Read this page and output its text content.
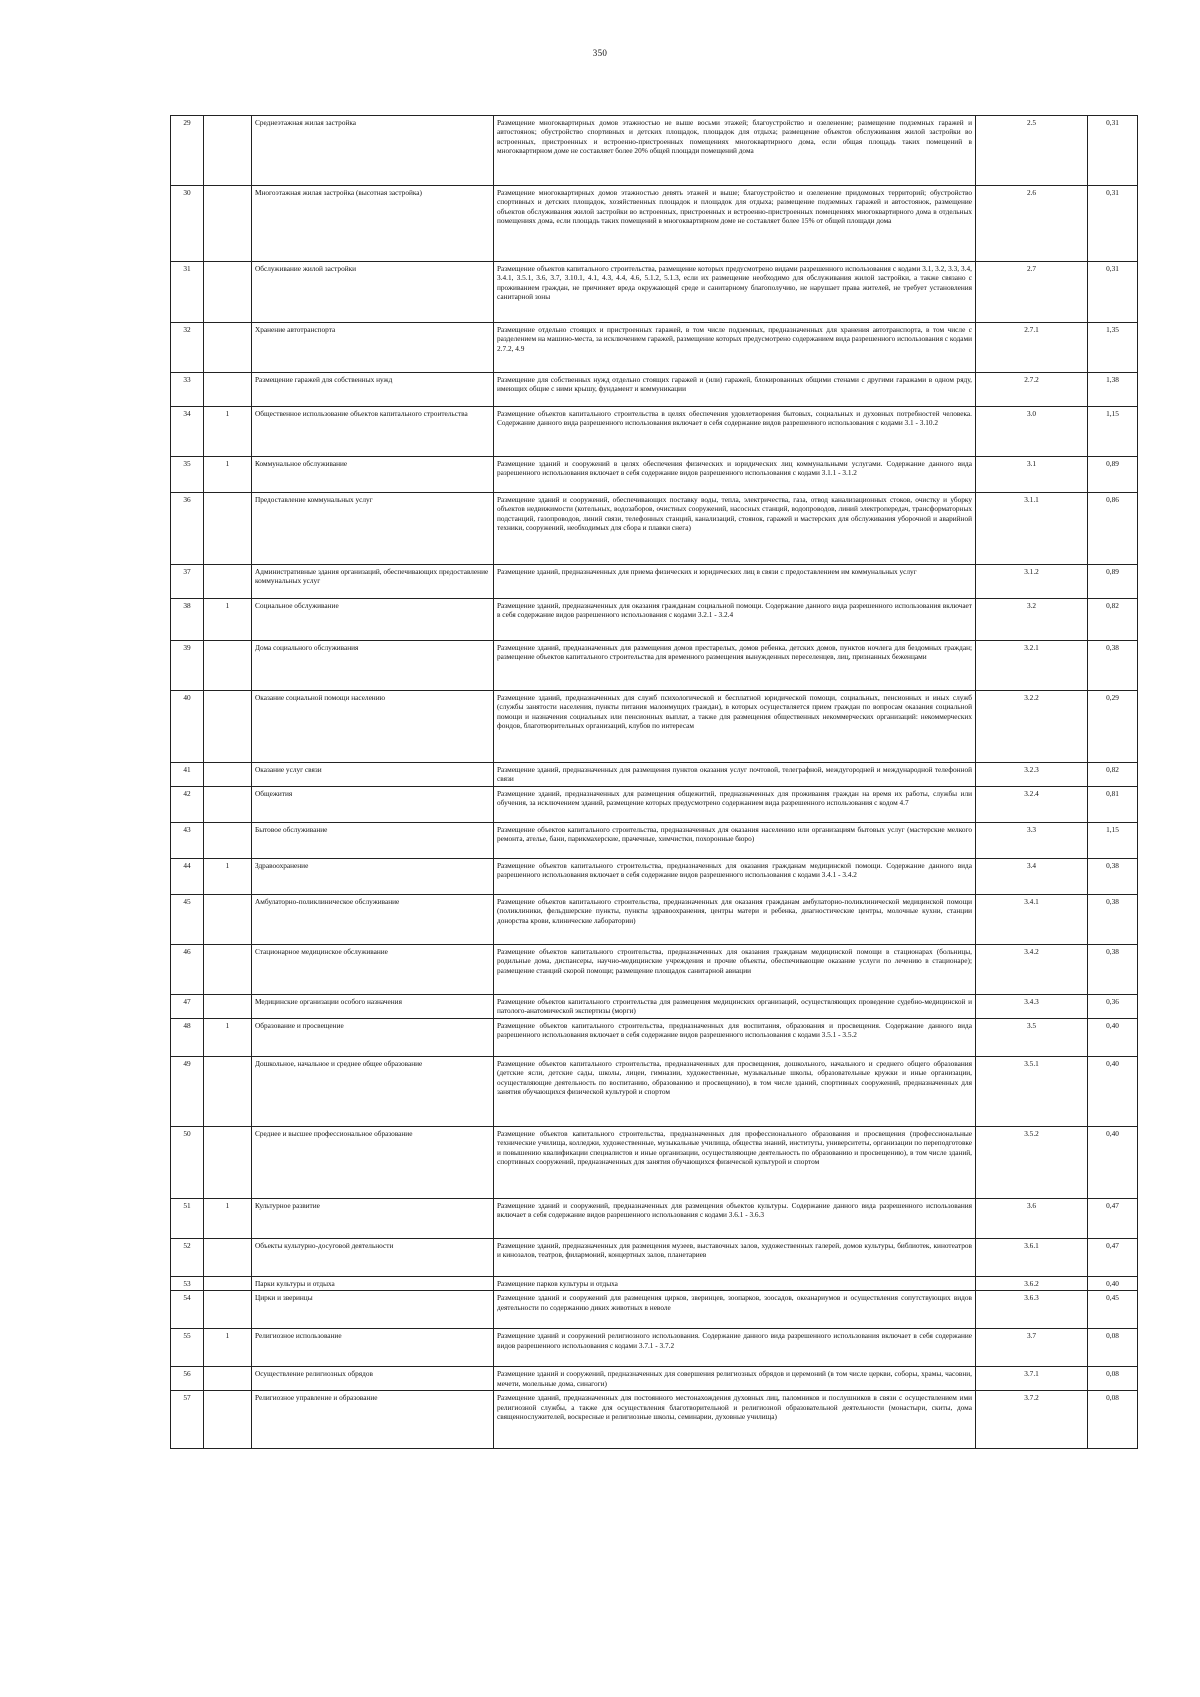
350
29		Среднеэтажная жилая застройка	Размещение многоквартирных домов этажностью не выше восьми этажей; благоустройство и озеленение; размещение подземных гаражей и автостоянок; обустройство спортивных и детских площадок, площадок для отдыха; размещение объектов обслуживания жилой застройки во встроенных, пристроенных и встроенно-пристроенных помещениях многоквартирного дома, если общая площадь таких помещений в многоквартирном доме не составляет более 20% общей площади помещений дома	2.5	0,31
30		Многоэтажная жилая застройка (высотная застройка)	Размещение многоквартирных домов этажностью девять этажей и выше; благоустройство и озеленение придомовых территорий; обустройство спортивных и детских площадок, хозяйственных площадок и площадок для отдыха; размещение подземных гаражей и автостоянок, размещение объектов обслуживания жилой застройки во встроенных, пристроенных и встроенно-пристроенных помещениях многоквартирного дома в отдельных помещениях дома, если площадь таких помещений в многоквартирном доме не составляет более 15% от общей площади дома	2.6	0,31
31		Обслуживание жилой застройки	Размещение объектов капитального строительства, размещение которых предусмотрено видами разрешенного использования с кодами 3.1, 3.2, 3.3, 3.4, 3.4.1, 3.5.1, 3.6, 3.7, 3.10.1, 4.1, 4.3, 4.4, 4.6, 5.1.2, 5.1.3, если их размещение необходимо для обслуживания жилой застройки, а также связано с проживанием граждан, не причиняет вреда окружающей среде и санитарному благополучию, не нарушает права жителей, не требует установления санитарной зоны	2.7	0,31
32		Хранение автотранспорта	Размещение отдельно стоящих и пристроенных гаражей, в том числе подземных, предназначенных для хранения автотранспорта, в том числе с разделением на машино-места, за исключением гаражей, размещение которых предусмотрено содержанием вида разрешенного использования с кодами 2.7.2, 4.9	2.7.1	1,35
33		Размещение гаражей для собственных нужд	Размещение для собственных нужд отдельно стоящих гаражей и (или) гаражей, блокированных общими стенами с другими гаражами в одном ряду, имеющих общие с ними крышу, фундамент и коммуникации	2.7.2	1,38
34	1	Общественное использование объектов капитального строительства	Размещение объектов капитального строительства в целях обеспечения удовлетворения бытовых, социальных и духовных потребностей человека. Содержание данного вида разрешенного использования включает в себя содержание видов разрешенного использования с кодами 3.1 - 3.10.2	3.0	1,15
35	1	Коммунальное обслуживание	Размещение зданий и сооружений в целях обеспечения физических и юридических лиц коммунальными услугами. Содержание данного вида разрешенного использования включает в себя содержание видов разрешенного использования с кодами 3.1.1 - 3.1.2	3.1	0,89
36		Предоставление коммунальных услуг	Размещение зданий и сооружений, обеспечивающих поставку воды, тепла, электричества, газа, отвод канализационных стоков, очистку и уборку объектов недвижимости (котельных, водозаборов, очистных сооружений, насосных станций, водопроводов, линий электропередач, трансформаторных подстанций, газопроводов, линий связи, телефонных станций, канализаций, стоянок, гаражей и мастерских для обслуживания уборочной и аварийной техники, сооружений, необходимых для сбора и плавки снега)	3.1.1	0,86
37		Административные здания организаций, обеспечивающих предоставление коммунальных услуг	Размещение зданий, предназначенных для приема физических и юридических лиц в связи с предоставлением им коммунальных услуг	3.1.2	0,89
38	1	Социальное обслуживание	Размещение зданий, предназначенных для оказания гражданам социальной помощи. Содержание данного вида разрешенного использования включает в себя содержание видов разрешенного использования с кодами 3.2.1 - 3.2.4	3.2	0,82
39		Дома социального обслуживания	Размещение зданий, предназначенных для размещения домов престарелых, домов ребенка, детских домов, пунктов ночлега для бездомных граждан; размещение объектов капитального строительства для временного размещения вынужденных переселенцев, лиц, признанных беженцами	3.2.1	0,38
40		Оказание социальной помощи населению	Размещение зданий, предназначенных для служб психологической и бесплатной юридической помощи, социальных, пенсионных и иных служб (службы занятости населения, пункты питания малоимущих граждан), в которых осуществляется прием граждан по вопросам оказания социальной помощи и назначения социальных или пенсионных выплат, а также для размещения общественных некоммерческих организаций: некоммерческих фондов, благотворительных организаций, клубов по интересам	3.2.2	0,29
41		Оказание услуг связи	Размещение зданий, предназначенных для размещения пунктов оказания услуг почтовой, телеграфной, междугородней и международной телефонной связи	3.2.3	0,82
42		Общежития	Размещение зданий, предназначенных для размещения общежитий, предназначенных для проживания граждан на время их работы, службы или обучения, за исключением зданий, размещение которых предусмотрено содержанием вида разрешенного использования с кодом 4.7	3.2.4	0,81
43		Бытовое обслуживание	Размещение объектов капитального строительства, предназначенных для оказания населению или организациям бытовых услуг (мастерские мелкого ремонта, ателье, бани, парикмахерские, прачечные, химчистки, похоронные бюро)	3.3	1,15
44	1	Здравоохранение	Размещение объектов капитального строительства, предназначенных для оказания гражданам медицинской помощи. Содержание данного вида разрешенного использования включает в себя содержание видов разрешенного использования с кодами 3.4.1 - 3.4.2	3.4	0,38
45		Амбулаторно-поликлиническое обслуживание	Размещение объектов капитального строительства, предназначенных для оказания гражданам амбулаторно-поликлинической медицинской помощи (поликлиники, фельдшерские пункты, пункты здравоохранения, центры матери и ребенка, диагностические центры, молочные кухни, станции донорства крови, клинические лаборатории)	3.4.1	0,38
46		Стационарное медицинское обслуживание	Размещение объектов капитального строительства, предназначенных для оказания гражданам медицинской помощи в стационарах (больницы, родильные дома, диспансеры, научно-медицинские учреждения и прочие объекты, обеспечивающие оказание услуги по лечению в стационаре); размещение станций скорой помощи; размещение площадок санитарной авиации	3.4.2	0,38
47		Медицинские организации особого назначения	Размещение объектов капитального строительства для размещения медицинских организаций, осуществляющих проведение судебно-медицинской и патолого-анатомической экспертизы (морги)	3.4.3	0,36
48	1	Образование и просвещение	Размещение объектов капитального строительства, предназначенных для воспитания, образования и просвещения. Содержание данного вида разрешенного использования включает в себя содержание видов разрешенного использования с кодами 3.5.1 - 3.5.2	3.5	0,40
49		Дошкольное, начальное и среднее общее образование	Размещение объектов капитального строительства, предназначенных для просвещения, дошкольного, начального и среднего общего образования (детские ясли, детские сады, школы, лицеи, гимназии, художественные, музыкальные школы, образовательные кружки и иные организации, осуществляющие деятельность по воспитанию, образованию и просвещению), в том числе зданий, спортивных сооружений, предназначенных для занятия обучающихся физической культурой и спортом	3.5.1	0,40
50		Среднее и высшее профессиональное образование	Размещение объектов капитального строительства, предназначенных для профессионального образования и просвещения (профессиональные технические училища, колледжи, художественные, музыкальные училища, общества знаний, институты, университеты, организации по переподготовке и повышению квалификации специалистов и иные организации, осуществляющие деятельность по образованию и просвещению), в том числе зданий, спортивных сооружений, предназначенных для занятия обучающихся физической культурой и спортом	3.5.2	0,40
51	1	Культурное развитие	Размещение зданий и сооружений, предназначенных для размещения объектов культуры. Содержание данного вида разрешенного использования включает в себя содержание видов разрешенного использования с кодами 3.6.1 - 3.6.3	3.6	0,47
52		Объекты культурно-досуговой деятельности	Размещение зданий, предназначенных для размещения музеев, выставочных залов, художественных галерей, домов культуры, библиотек, кинотеатров и кинозалов, театров, филармоний, концертных залов, планетариев	3.6.1	0,47
53		Парки культуры и отдыха	Размещение парков культуры и отдыха	3.6.2	0,40
54		Цирки и зверинцы	Размещение зданий и сооружений для размещения цирков, зверинцев, зоопарков, зоосадов, океанариумов и осуществления сопутствующих видов деятельности по содержанию диких животных в неволе	3.6.3	0,45
55	1	Религиозное использование	Размещение зданий и сооружений религиозного использования. Содержание данного вида разрешенного использования включает в себя содержание видов разрешенного использования с кодами 3.7.1 - 3.7.2	3.7	0,08
56		Осуществление религиозных обрядов	Размещение зданий и сооружений, предназначенных для совершения религиозных обрядов и церемоний (в том числе церкви, соборы, храмы, часовни, мечети, молельные дома, синагоги)	3.7.1	0,08
57		Религиозное управление и образование	Размещение зданий, предназначенных для постоянного местонахождения духовных лиц, паломников и послушников в связи с осуществлением ими религиозной службы, а также для осуществления благотворительной и религиозной образовательной деятельности (монастыри, скиты, дома священнослужителей, воскресные и религиозные школы, семинарии, духовные училища)	3.7.2	0,08
